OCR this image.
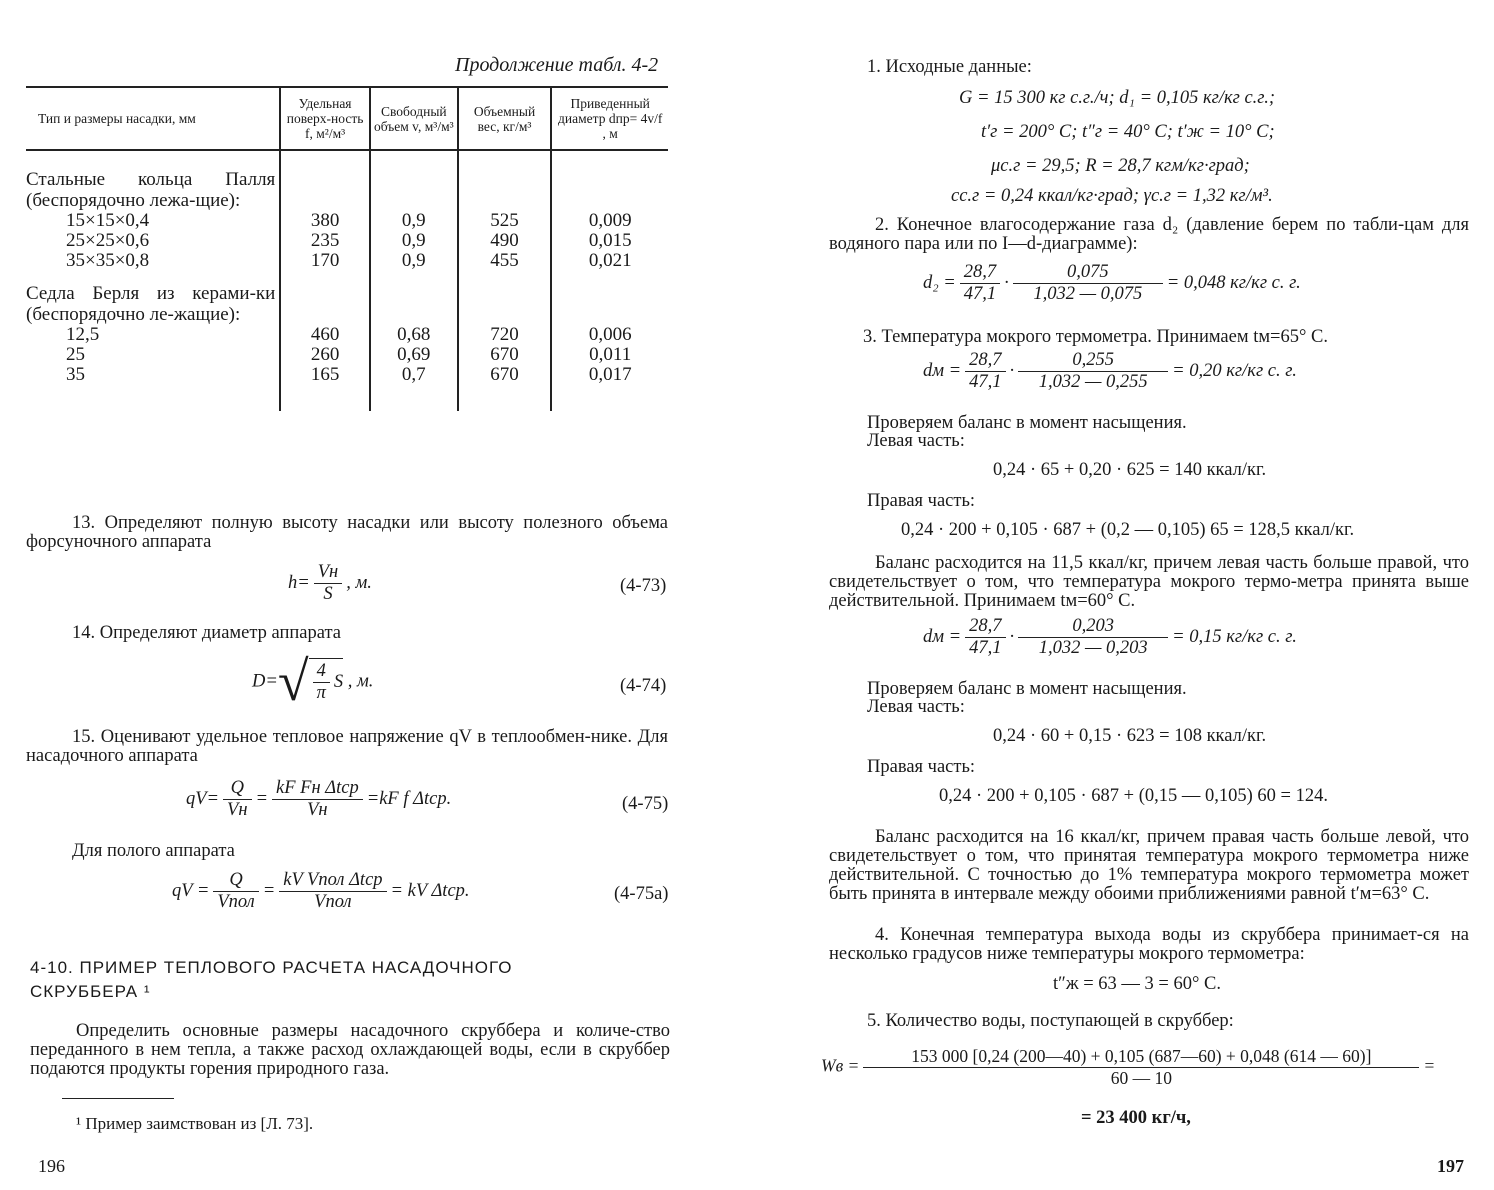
Продолжение табл. 4-2
Тип и размеры насадки, мм	Удельная поверх-ность f, м²/м³	Свободный объем v, м³/м³	Объемный вес, кг/м³	Приведенный диаметр dпр= 4v/f , м
Стальные кольца Палля (беспорядочно лежа-щие):				
15×15×0,4	380	0,9	525	0,009
25×25×0,6	235	0,9	490	0,015
35×35×0,8	170	0,9	455	0,021
Седла Берля из керами-ки (беспорядочно ле-жащие):				
12,5	460	0,68	720	0,006
25	260	0,69	670	0,011
35	165	0,7	670	0,017
13. Определяют полную высоту насадки или высоту полезного объема форсуночного аппарата
$h= \frac{Vн}{S}$ , м.	(4-73)
14. Определяют диаметр аппарата
$D=√ \frac{4}{\pi}$ S , м.	(4-74)
15. Оценивают удельное тепловое напряжение qV в теплообмен-нике. Для насадочного аппарата
$qV= \frac{Q}{Vн} = \frac{\text{kF Fн Δtср}}{Vн} =kF$ f Δtср.	(4-75)
Для полого аппарата
qV = $\frac{Q}{\text{Vпол}} = \frac{\text{kV Vпол Δtср}}{\text{Vпол}}$ = kV Δtср.	(4-75а)
4-10. ПРИМЕР ТЕПЛОВОГО РАСЧЕТА НАСАДОЧНОГО СКРУББЕРА ¹
Определить основные размеры насадочного скруббера и количе-ство переданного в нем тепла, а также расход охлаждающей воды, если в скруббер подаются продукты горения природного газа.
¹ Пример заимствован из [Л. 73].
196
1. Исходные данные:
G = 15 300 кг с.г./ч; d₁ = 0,105 кг/кг с.г.;
t′г = 200° С; t″г = 40° С; t′ж = 10° С;
μс.г = 29,5; R = 28,7 кгм/кг·град;
cс.г = 0,24 ккал/кг·град; γс.г = 1,32 кг/м³.
2. Конечное влагосодержание газа d₂ (давление берем по табли-цам для водяного пара или по I—d-диаграмме):
$d_2 = \frac{28,7}{47,1} \cdot \frac{0,075}{1,032 — 0,075} = 0,048$ кг/кг с. г.
3. Температура мокрого термометра. Принимаем tм=65° С.
dм = $\frac{28,7}{47,1} \cdot \frac{0,255}{1,032 — 0,255} = 0,20$ кг/кг с. г.
Проверяем баланс в момент насыщения.
Левая часть:
0,24 · 65 + 0,20 · 625 = 140 ккал/кг.
Правая часть:
0,24 · 200 + 0,105 · 687 + (0,2 — 0,105) 65 = 128,5 ккал/кг.
Баланс расходится на 11,5 ккал/кг, причем левая часть больше правой, что свидетельствует о том, что температура мокрого термо-метра принята выше действительной. Принимаем tм=60° С.
dм = $\frac{28,7}{47,1} \cdot \frac{0,203}{1,032 — 0,203} = 0,15$ кг/кг с. г.
Проверяем баланс в момент насыщения.
Левая часть:
0,24 · 60 + 0,15 · 623 = 108 ккал/кг.
Правая часть:
0,24 · 200 + 0,105 · 687 + (0,15 — 0,105) 60 = 124.
Баланс расходится на 16 ккал/кг, причем правая часть больше левой, что свидетельствует о том, что принятая температура мокрого термометра ниже действительной. С точностью до 1% температура мокрого термометра может быть принята в интервале между обоими приближениями равной t′м=63° С.
4. Конечная температура выхода воды из скруббера принимает-ся на несколько градусов ниже температуры мокрого термометра:
t″ж = 63 — 3 = 60° С.
5. Количество воды, поступающей в скруббер:
Wв = $\frac{153 000 [0,24 (200—40) + 0,105 (687—60) + 0,048 (614 — 60)]}{60 — 10}$ =
= 23 400 кг/ч,
197
